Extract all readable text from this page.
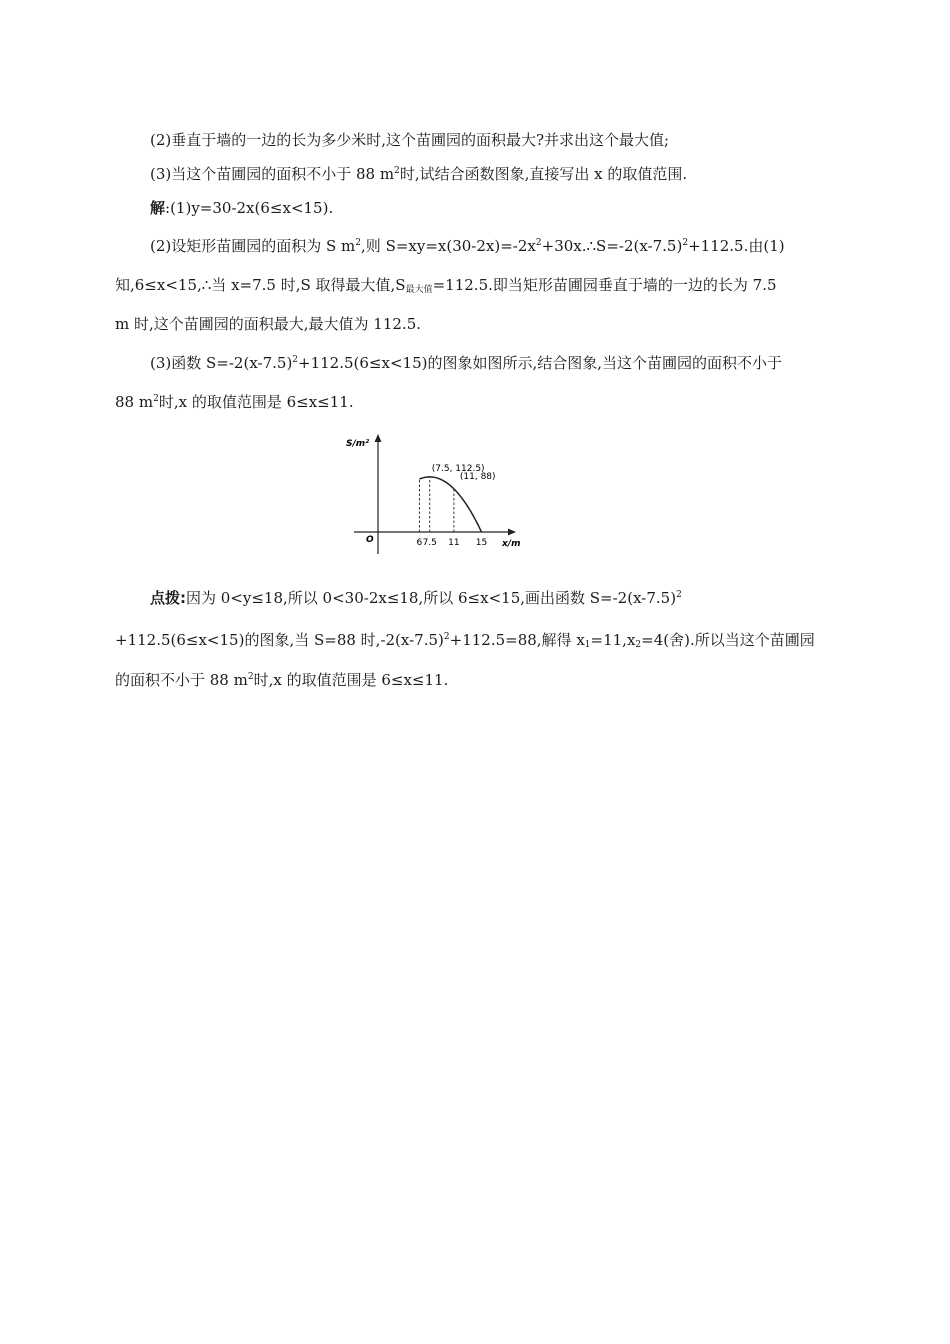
(2)垂直于墙的一边的长为多少米时,这个苗圃园的面积最大?并求出这个最大值;
(3)当这个苗圃园的面积不小于 88 $m^2$时,试结合函数图象,直接写出 x 的取值范围.
解:(1)y=30-2x(6≤x<15).
(2)设矩形苗圃园的面积为 S $m^2$,则 $S=xy=x(30-2x)=-2x^2+30x.\therefore S=-2(x-7.5)^2+112.5$.由(1)
知,6≤x<15,∴当 x=7.5 时,S 取得最大值$,S_{最大值}=112.5$.即当矩形苗圃园垂直于墙的一边的长为 7.5
m 时,这个苗圃园的面积最大,最大值为 112.5.
(3)函数 $S=-2(x-7.5)^2+112.5(6\le x<15)$的图象如图所示,结合图象,当这个苗圃园的面积不小于
88 $m^2$时,x 的取值范围是 6≤x≤11.
S/m²
x/m
O	6 7.5 11 15
(7.5, 112.5)
(11, 88)
点拨:因为 0<y≤18,所以 0<30-2x≤18,所以 6≤x<15,画出函数 $S=-2(x-7.5)^2$
+112.5(6≤x<15)的图象,当 S=88 时$,-2(x-7.5)^2+112.5=88$,解得 $x_1=11,x_2=4$(舍).所以当这个苗圃园
的面积不小于 88 $m^2$时,x 的取值范围是 6≤x≤11.
